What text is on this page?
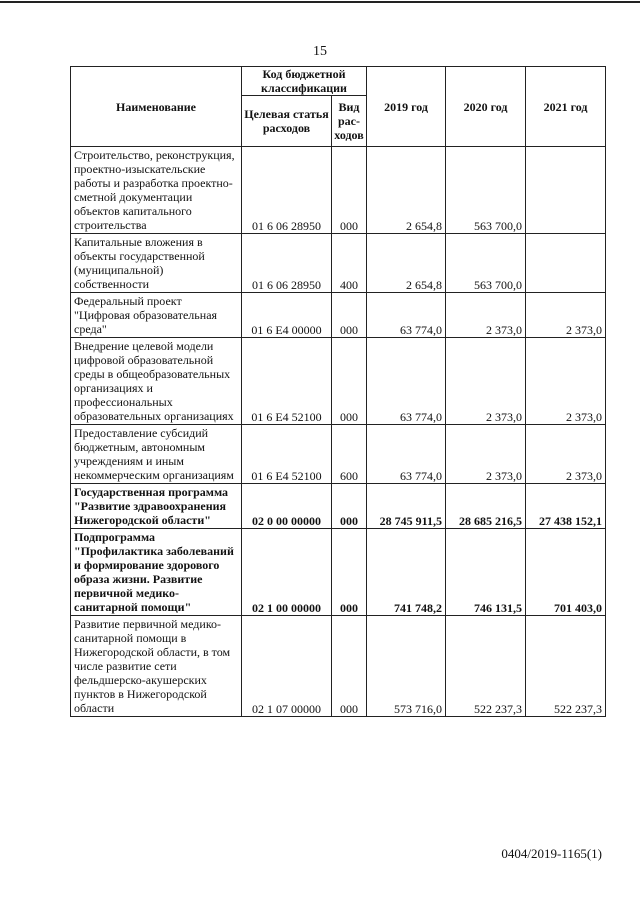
15
Наименование	Код бюджетной классификации		2019 год	2020 год	2021 год
	Целевая статья расходов	Вид рас-ходов			
Строительство, реконструкция, проектно-изыскательские работы и разработка проектно-сметной документации объектов капитального строительства	01 6 06 28950	000	2 654,8	563 700,0	
Капитальные вложения в объекты государственной (муниципальной) собственности	01 6 06 28950	400	2 654,8	563 700,0	
Федеральный проект "Цифровая образовательная среда"	01 6 Е4 00000	000	63 774,0	2 373,0	2 373,0
Внедрение целевой модели цифровой образовательной среды в общеобразовательных организациях и профессиональных образовательных организациях	01 6 Е4 52100	000	63 774,0	2 373,0	2 373,0
Предоставление субсидий бюджетным, автономным учреждениям и иным некоммерческим организациям	01 6 Е4 52100	600	63 774,0	2 373,0	2 373,0
Государственная программа "Развитие здравоохранения Нижегородской области"	02 0 00 00000	000	28 745 911,5	28 685 216,5	27 438 152,1
Подпрограмма "Профилактика заболеваний и формирование здорового образа жизни. Развитие первичной медико-санитарной помощи"	02 1 00 00000	000	741 748,2	746 131,5	701 403,0
Развитие первичной медико-санитарной помощи в Нижегородской области, в том числе развитие сети фельдшерско-акушерских пунктов в Нижегородской области	02 1 07 00000	000	573 716,0	522 237,3	522 237,3
0404/2019-1165(1)
